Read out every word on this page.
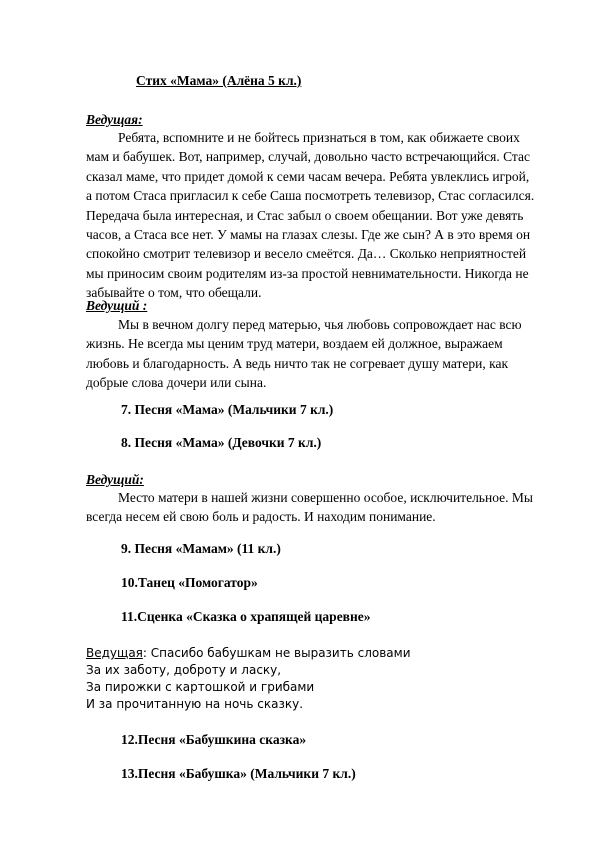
Стих «Мама» (Алёна 5 кл.)
Ведущая:
Ребята, вспомните и не бойтесь признаться в том, как обижаете своих
мам и бабушек. Вот, например, случай, довольно часто встречающийся. Стас
сказал маме, что придет домой к семи часам вечера. Ребята увлеклись игрой,
а потом Стаса пригласил к себе Саша посмотреть телевизор, Стас согласился.
Передача была интересная, и Стас забыл о своем обещании. Вот уже девять
часов, а Стаса все нет. У мамы на глазах слезы. Где же сын? А в это время он
спокойно смотрит телевизор и весело смеётся. Да… Сколько неприятностей
мы приносим своим родителям из-за простой невнимательности. Никогда не
забывайте о том, что обещали.
Ведущий :
Мы в вечном долгу перед матерью, чья любовь сопровождает нас всю
жизнь. Не всегда мы ценим труд матери, воздаем ей должное, выражаем
любовь и благодарность. А ведь ничто так не согревает душу матери, как
добрые слова дочери или сына.
7. Песня «Мама» (Мальчики 7 кл.)
8. Песня «Мама» (Девочки 7 кл.)
Ведущий:
Место матери в нашей жизни совершенно особое, исключительное. Мы
всегда несем ей свою боль и радость. И находим понимание.
9. Песня «Мамам» (11 кл.)
10.Танец «Помогатор»
11.Сценка «Сказка о храпящей царевне»
Ведущая: Спасибо бабушкам не выразить словами
За их заботу, доброту и ласку,
За пирожки с картошкой и грибами
И за прочитанную на ночь сказку.
12.Песня «Бабушкина сказка»
13.Песня «Бабушка» (Мальчики 7 кл.)
